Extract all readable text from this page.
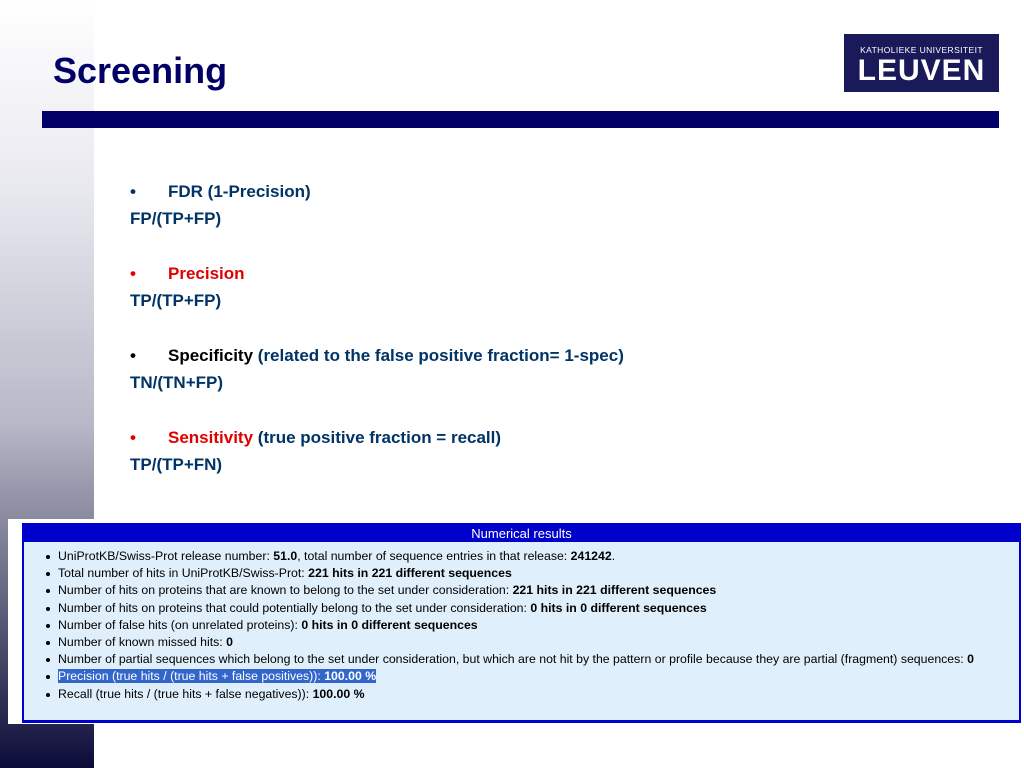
Screening	KATHOLIEKE UNIVERSITEIT
LEUVEN
•	FDR (1-Precision)
FP/(TP+FP)
•	Precision
TP/(TP+FP)
•	Specificity (related to the false positive fraction= 1-spec)
TN/(TN+FP)
•	Sensitivity (true positive fraction = recall)
TP/(TP+FN)
Numerical results
UniProtKB/Swiss-Prot release number: 51.0, total number of sequence entries in that release: 241242.
Total number of hits in UniProtKB/Swiss-Prot: 221 hits in 221 different sequences
Number of hits on proteins that are known to belong to the set under consideration: 221 hits in 221 different sequences
Number of hits on proteins that could potentially belong to the set under consideration: 0 hits in 0 different sequences
Number of false hits (on unrelated proteins): 0 hits in 0 different sequences
Number of known missed hits: 0
Number of partial sequences which belong to the set under consideration, but which are not hit by the pattern or profile because they are partial (fragment) sequences: 0
Precision (true hits / (true hits + false positives)): 100.00 %
Recall (true hits / (true hits + false negatives)): 100.00 %
